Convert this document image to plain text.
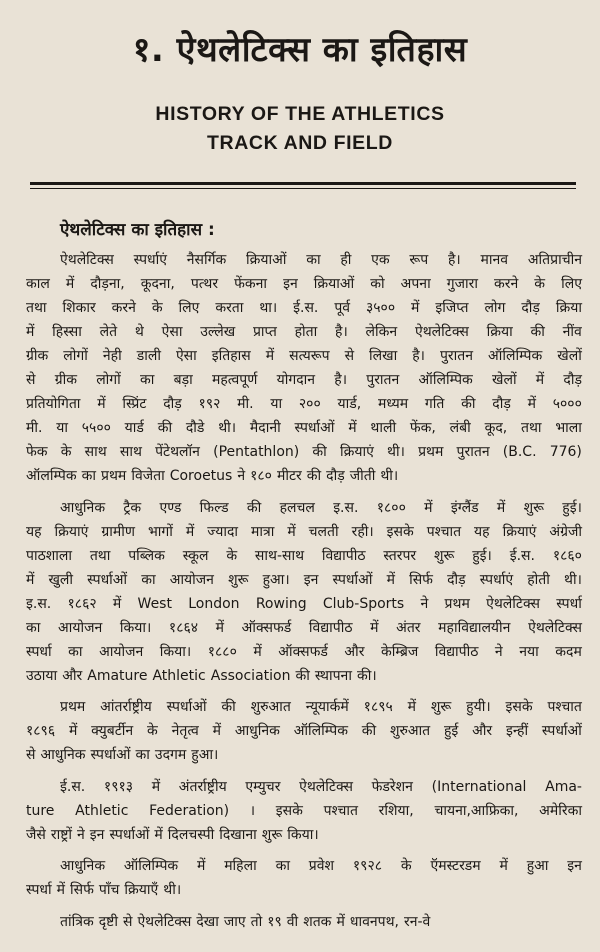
१. ऐथलेटिक्स का इतिहास
HISTORY OF THE ATHLETICS
TRACK AND FIELD
ऐथलेटिक्स का इतिहास :
ऐथलेटिक्स स्पर्धाएं नैसर्गिक क्रियाओं का ही एक रूप है। मानव अतिप्राचीन
काल में दौड़ना, कूदना, पत्थर फेंकना इन क्रियाओं को अपना गुजारा करने के लिए
तथा शिकार करने के लिए करता था। ई.स. पूर्व ३५०० में इजिप्त लोग दौड़ क्रिया
में हिस्सा लेते थे ऐसा उल्लेख प्राप्त होता है। लेकिन ऐथलेटिक्स क्रिया की नींव
ग्रीक लोगों नेही डाली ऐसा इतिहास में सत्यरूप से लिखा है। पुरातन ऑलिम्पिक खेलों
से ग्रीक लोगों का बड़ा महत्वपूर्ण योगदान है। पुरातन ऑलिम्पिक खेलों में दौड़
प्रतियोगिता में स्प्रिंट दौड़ १९२ मी. या २०० यार्ड, मध्यम गति की दौड़ में ५०००
मी. या ५५०० यार्ड की दौडे थी। मैदानी स्पर्धाओं में थाली फेंक, लंबी कूद, तथा भाला
फेक के साथ साथ पेंटेथलॉन (Pentathlon) की क्रियाएं थी। प्रथम पुरातन (B.C. 776)
ऑलम्पिक का प्रथम विजेता Coroetus ने १८० मीटर की दौड़ जीती थी।
आधुनिक ट्रैक एण्ड फिल्ड की हलचल इ.स. १८०० में इंग्लैंड में शुरू हुई।
यह क्रियाएं ग्रामीण भागों में ज्यादा मात्रा में चलती रही। इसके पश्चात यह क्रियाएं अंग्रेजी
पाठशाला तथा पब्लिक स्कूल के साथ-साथ विद्यापीठ स्तरपर शुरू हुई। ई.स. १८६०
में खुली स्पर्धाओं का आयोजन शुरू हुआ। इन स्पर्धाओं में सिर्फ दौड़ स्पर्धाएं होती थी।
इ.स. १८६२ में West London Rowing Club-Sports ने प्रथम ऐथलेटिक्स स्पर्धा
का आयोजन किया। १८६४ में ऑक्सफर्ड विद्यापीठ में अंतर महाविद्यालयीन ऐथलेटिक्स
स्पर्धा का आयोजन किया। १८८० में ऑक्सफर्ड और केम्ब्रिज विद्यापीठ ने नया कदम
उठाया और Amature Athletic Association की स्थापना की।
प्रथम आंतर्राष्ट्रीय स्पर्धाओं की शुरुआत न्यूयार्कमें १८९५ में शुरू हुयी। इसके पश्चात
१८९६ में क्युबर्टीन के नेतृत्व में आधुनिक ऑलिम्पिक की शुरुआत हुई और इन्हीं स्पर्धाओं
से आधुनिक स्पर्धाओं का उदगम हुआ।
ई.स. १९१३ में अंतर्राष्ट्रीय एम्युचर ऐथलेटिक्स फेडरेशन (International Ama-
ture Athletic Federation) । इसके पश्चात रशिया, चायना,आफ्रिका, अमेरिका
जैसे राष्ट्रों ने इन स्पर्धाओं में दिलचस्पी दिखाना शुरू किया।
आधुनिक ऑलिम्पिक में महिला का प्रवेश १९२८ के ऍमस्टरडम में हुआ इन
स्पर्धा में सिर्फ पाँच क्रियाएँ थी।
तांत्रिक दृष्टी से ऐथलेटिक्स देखा जाए तो १९ वी शतक में धावनपथ, रन-वे
